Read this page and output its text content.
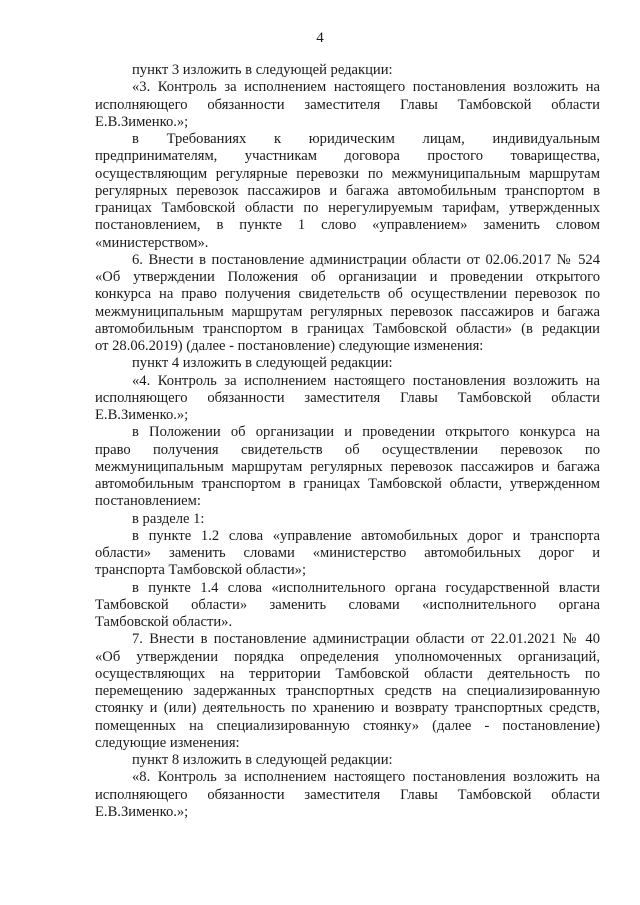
4
пункт 3 изложить в следующей редакции:
«3. Контроль за исполнением настоящего постановления возложить на
исполняющего обязанности заместителя Главы Тамбовской области
Е.В.Зименко.»;
в Требованиях к юридическим лицам, индивидуальным
предпринимателям, участникам договора простого товарищества,
осуществляющим регулярные перевозки по межмуниципальным маршрутам
регулярных перевозок пассажиров и багажа автомобильным транспортом в
границах Тамбовской области по нерегулируемым тарифам, утвержденных
постановлением, в пункте 1 слово «управлением» заменить словом
«министерством».
6. Внести в постановление администрации области от 02.06.2017 № 524
«Об утверждении Положения об организации и проведении открытого
конкурса на право получения свидетельств об осуществлении перевозок по
межмуниципальным маршрутам регулярных перевозок пассажиров и багажа
автомобильным транспортом в границах Тамбовской области» (в редакции
от 28.06.2019) (далее - постановление) следующие изменения:
пункт 4 изложить в следующей редакции:
«4. Контроль за исполнением настоящего постановления возложить на
исполняющего обязанности заместителя Главы Тамбовской области
Е.В.Зименко.»;
в Положении об организации и проведении открытого конкурса на
право получения свидетельств об осуществлении перевозок по
межмуниципальным маршрутам регулярных перевозок пассажиров и багажа
автомобильным транспортом в границах Тамбовской области, утвержденном
постановлением:
в разделе 1:
в пункте 1.2 слова «управление автомобильных дорог и транспорта
области» заменить словами «министерство автомобильных дорог и
транспорта Тамбовской области»;
в пункте 1.4 слова «исполнительного органа государственной власти
Тамбовской области» заменить словами «исполнительного органа
Тамбовской области».
7. Внести в постановление администрации области от 22.01.2021 № 40
«Об утверждении порядка определения уполномоченных организаций,
осуществляющих на территории Тамбовской области деятельность по
перемещению задержанных транспортных средств на специализированную
стоянку и (или) деятельность по хранению и возврату транспортных средств,
помещенных на специализированную стоянку» (далее - постановление)
следующие изменения:
пункт 8 изложить в следующей редакции:
«8. Контроль за исполнением настоящего постановления возложить на
исполняющего обязанности заместителя Главы Тамбовской области
Е.В.Зименко.»;
